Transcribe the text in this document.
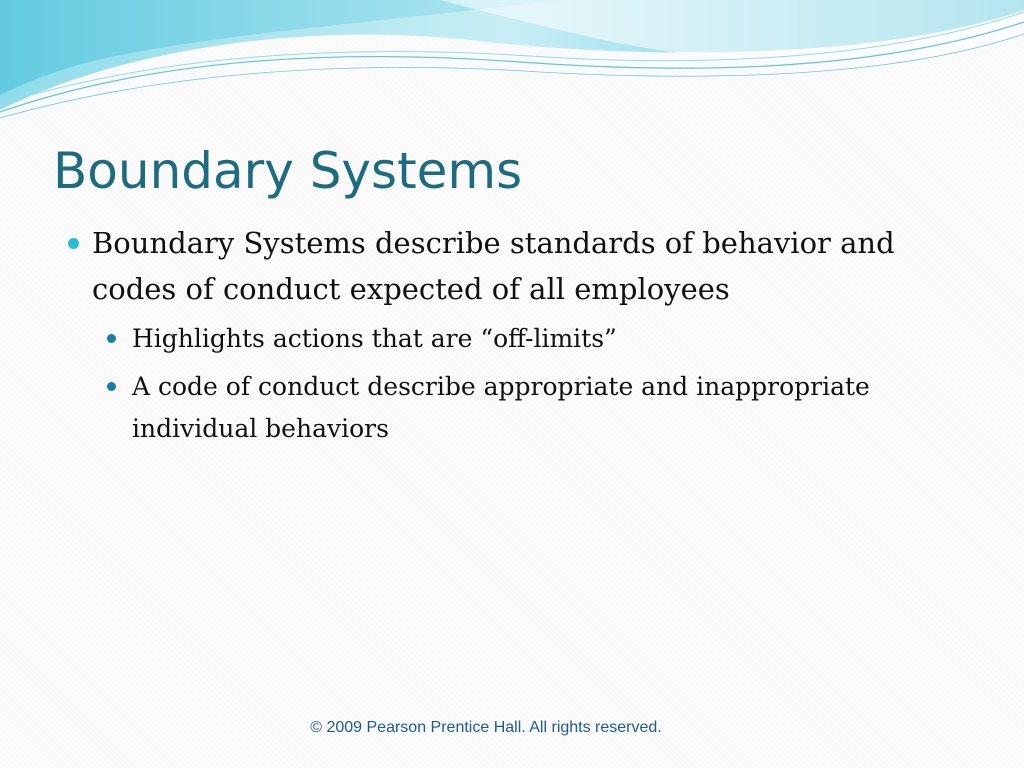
Boundary Systems
Boundary Systems describe standards of behavior and codes of conduct expected of all employees
Highlights actions that are “off-limits”
A code of conduct describe appropriate and inappropriate individual behaviors
© 2009 Pearson Prentice Hall. All rights reserved.
